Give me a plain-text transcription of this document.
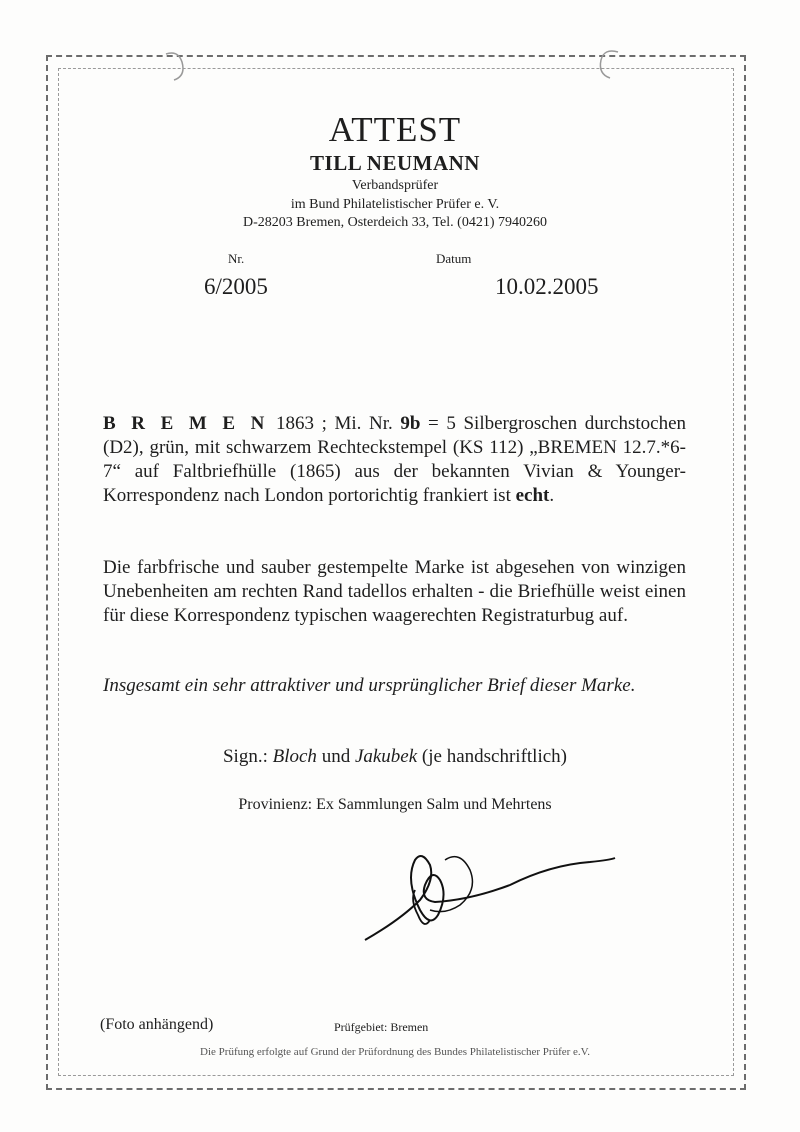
ATTEST
TILL NEUMANN
Verbandsprüfer
im Bund Philatelistischer Prüfer e. V.
D-28203 Bremen, Osterdeich 33, Tel. (0421) 7940260
Nr.	Datum
6/2005	10.02.2005
B R E M E N 1863 ; Mi. Nr. 9b = 5 Silbergroschen durchstochen (D2), grün, mit schwarzem Rechteckstempel (KS 112) „BREMEN 12.7.*6-7“ auf Faltbriefhülle (1865) aus der bekannten Vivian & Younger-Korrespondenz nach London portorichtig frankiert ist echt.
Die farbfrische und sauber gestempelte Marke ist abgesehen von winzigen Unebenheiten am rechten Rand tadellos erhalten - die Briefhülle weist einen für diese Korrespondenz typischen waagerechten Registraturbug auf.
Insgesamt ein sehr attraktiver und ursprünglicher Brief dieser Marke.
Sign.: Bloch und Jakubek (je handschriftlich)
Provinienz: Ex Sammlungen Salm und Mehrtens
(Foto anhängend)	Prüfgebiet: Bremen
Die Prüfung erfolgte auf Grund der Prüfordnung des Bundes Philatelistischer Prüfer e.V.
